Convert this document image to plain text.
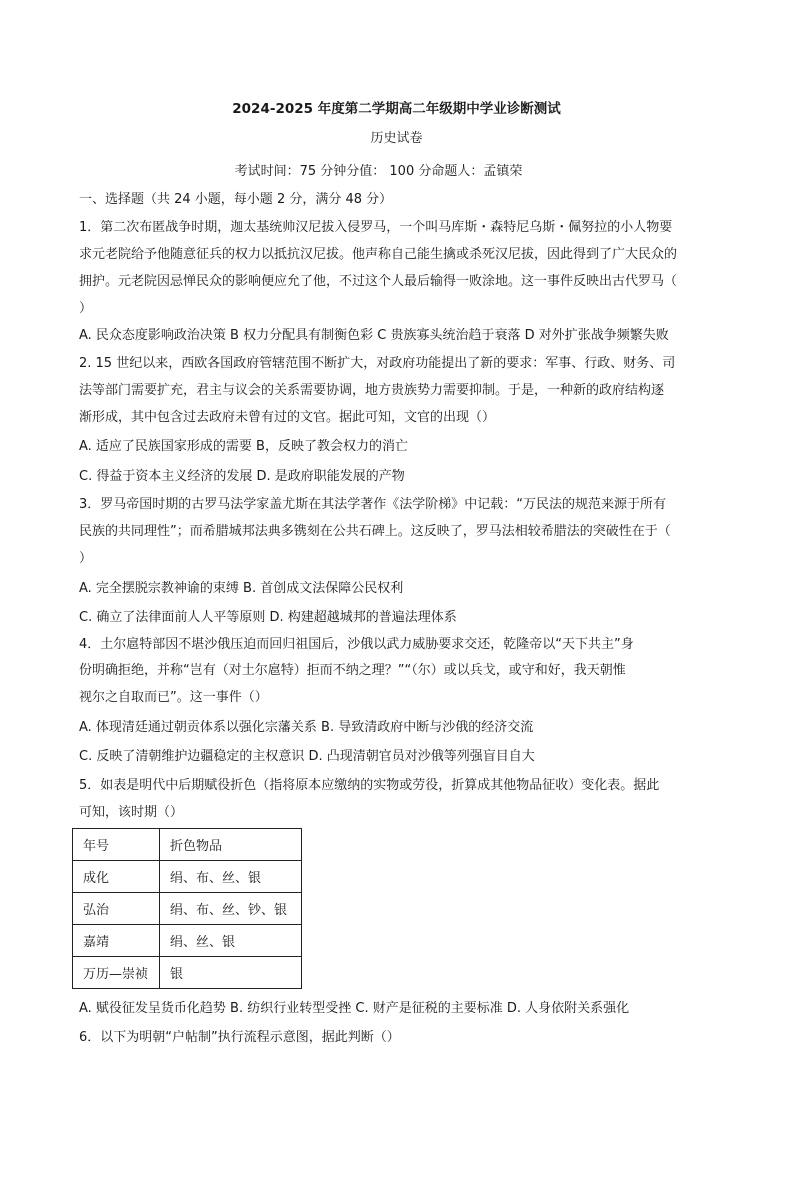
2024-2025 年度第二学期高二年级期中学业诊断测试
历史试卷
考试时间：75 分钟分值： 100 分命题人：孟镇荣
一、选择题（共 24 小题，每小题 2 分，满分 48 分）
1．第二次布匿战争时期，迦太基统帅汉尼拔入侵罗马，一个叫马库斯・森特尼乌斯・佩努拉的小人物要
求元老院给予他随意征兵的权力以抵抗汉尼拔。他声称自己能生擒或杀死汉尼拔，因此得到了广大民众的
拥护。元老院因忌惮民众的影响便应允了他，不过这个人最后输得一败涂地。这一事件反映出古代罗马（
）
A. 民众态度影响政治决策 B 权力分配具有制衡色彩 C 贵族寡头统治趋于衰落 D 对外扩张战争频繁失败
2. 15 世纪以来，西欧各国政府管辖范围不断扩大，对政府功能提出了新的要求：军事、行政、财务、司
法等部门需要扩充，君主与议会的关系需要协调，地方贵族势力需要抑制。于是，一种新的政府结构逐
渐形成，其中包含过去政府未曾有过的文官。据此可知，文官的出现（）
A. 适应了民族国家形成的需要 B，反映了教会权力的消亡
C. 得益于资本主义经济的发展 D. 是政府职能发展的产物
3．罗马帝国时期的古罗马法学家盖尤斯在其法学著作《法学阶梯》中记载：“万民法的规范来源于所有
民族的共同理性”；而希腊城邦法典多镌刻在公共石碑上。这反映了，罗马法相较希腊法的突破性在于（
）
A. 完全摆脱宗教神谕的束缚 B. 首创成文法保障公民权利
C. 确立了法律面前人人平等原则 D. 构建超越城邦的普遍法理体系
4．土尔扈特部因不堪沙俄压迫而回归祖国后，沙俄以武力威胁要求交还，乾隆帝以“天下共主”身
份明确拒绝，并称“岂有（对土尔扈特）拒而不纳之理？”“（尔）或以兵戈，或守和好，我天朝惟
视尔之自取而已”。这一事件（）
A. 体现清廷通过朝贡体系以强化宗藩关系 B. 导致清政府中断与沙俄的经济交流
C. 反映了清朝维护边疆稳定的主权意识 D. 凸现清朝官员对沙俄等列强盲目自大
5．如表是明代中后期赋役折色（指将原本应缴纳的实物或劳役，折算成其他物品征收）变化表。据此
可知，该时期（）
年号	折色物品
成化	绢、布、丝、银
弘治	绢、布、丝、钞、银
嘉靖	绢、丝、银
万历—崇祯	银
A. 赋役征发呈货币化趋势 B. 纺织行业转型受挫 C. 财产是征税的主要标准 D. 人身依附关系强化
6．以下为明朝“户帖制”执行流程示意图，据此判断（）
